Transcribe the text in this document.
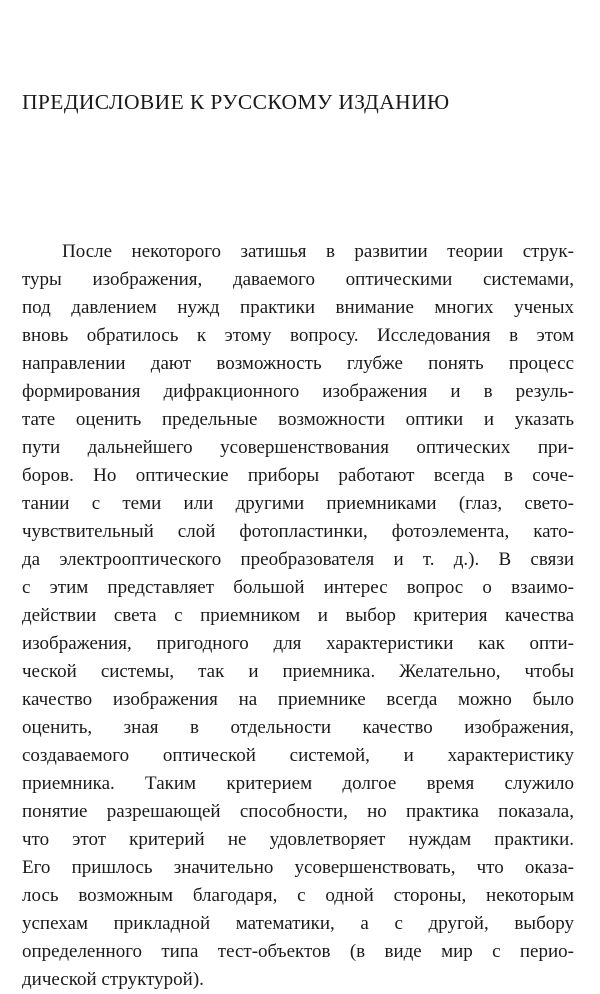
ПРЕДИСЛОВИЕ К РУССКОМУ ИЗДАНИЮ
После некоторого затишья в развитии теории струк-
туры изображения, даваемого оптическими системами,
под давлением нужд практики внимание многих ученых
вновь обратилось к этому вопросу. Исследования в этом
направлении дают возможность глубже понять процесс
формирования дифракционного изображения и в резуль-
тате оценить предельные возможности оптики и указать
пути дальнейшего усовершенствования оптических при-
боров. Но оптические приборы работают всегда в соче-
тании с теми или другими приемниками (глаз, свето-
чувствительный слой фотопластинки, фотоэлемента, като-
да электрооптического преобразователя и т. д.). В связи
с этим представляет большой интерес вопрос о взаимо-
действии света с приемником и выбор критерия качества
изображения, пригодного для характеристики как опти-
ческой системы, так и приемника. Желательно, чтобы
качество изображения на приемнике всегда можно было
оценить, зная в отдельности качество изображения,
создаваемого оптической системой, и характеристику
приемника. Таким критерием долгое время служило
понятие разрешающей способности, но практика показала,
что этот критерий не удовлетворяет нуждам практики.
Его пришлось значительно усовершенствовать, что оказа-
лось возможным благодаря, с одной стороны, некоторым
успехам прикладной математики, а с другой, выбору
определенного типа тест-объектов (в виде мир с перио-
дической структурой).
